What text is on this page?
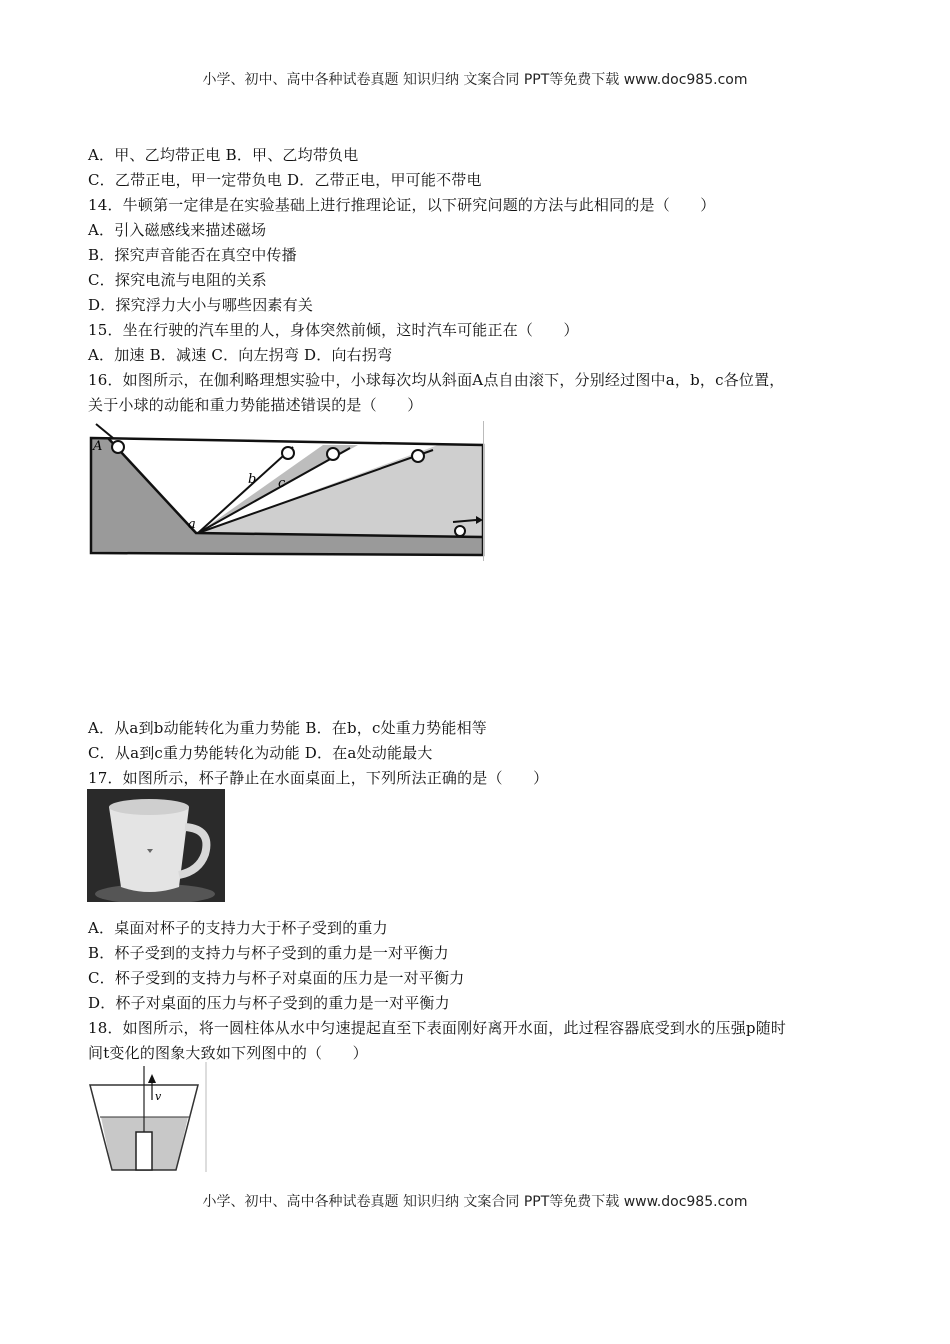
小学、初中、高中各种试卷真题 知识归纳 文案合同 PPT等免费下载 www.doc985.com
A．甲、乙均带正电 B．甲、乙均带负电
C．乙带正电，甲一定带负电 D．乙带正电，甲可能不带电
14．牛顿第一定律是在实验基础上进行推理论证，以下研究问题的方法与此相同的是（　　）
A．引入磁感线来描述磁场
B．探究声音能否在真空中传播
C．探究电流与电阻的关系
D．探究浮力大小与哪些因素有关
15．坐在行驶的汽车里的人，身体突然前倾，这时汽车可能正在（　　）
A．加速 B．减速 C．向左拐弯 D．向右拐弯
16．如图所示，在伽利略理想实验中，小球每次均从斜面A点自由滚下，分别经过图中a，b，c各位置，
关于小球的动能和重力势能描述错误的是（　　）
A
a
b c
A．从a到b动能转化为重力势能 B．在b，c处重力势能相等
C．从a到c重力势能转化为动能 D．在a处动能最大
17．如图所示，杯子静止在水面桌面上，下列所法正确的是（　　）
A．桌面对杯子的支持力大于杯子受到的重力
B．杯子受到的支持力与杯子受到的重力是一对平衡力
C．杯子受到的支持力与杯子对桌面的压力是一对平衡力
D．杯子对桌面的压力与杯子受到的重力是一对平衡力
18．如图所示，将一圆柱体从水中匀速提起直至下表面刚好离开水面，此过程容器底受到水的压强p随时
间t变化的图象大致如下列图中的（　　）
v
小学、初中、高中各种试卷真题 知识归纳 文案合同 PPT等免费下载 www.doc985.com
